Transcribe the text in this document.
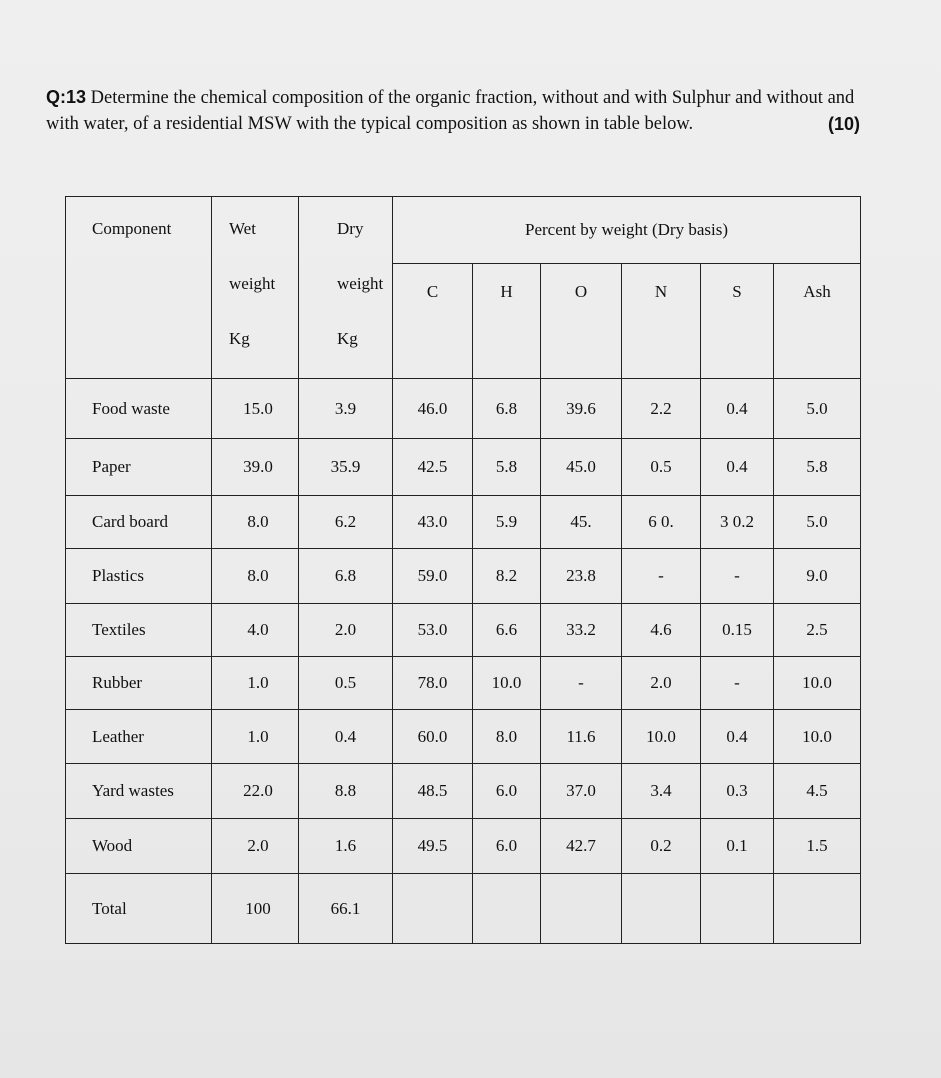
Q:13 Determine the chemical composition of the organic fraction, without and with Sulphur and without and with water, of a residential MSW with the typical composition as shown in table below.	(10)
Component	Wet
weight
Kg	Dry
weight
Kg	Percent by weight (Dry basis)					
			C	H	O	N	S	Ash
Food waste	15.0	3.9	46.0	6.8	39.6	2.2	0.4	5.0
Paper	39.0	35.9	42.5	5.8	45.0	0.5	0.4	5.8
Card board	8.0	6.2	43.0	5.9	45.	6 0.	3 0.2	5.0
Plastics	8.0	6.8	59.0	8.2	23.8	-	-	9.0
Textiles	4.0	2.0	53.0	6.6	33.2	4.6	0.15	2.5
Rubber	1.0	0.5	78.0	10.0	-	2.0	-	10.0
Leather	1.0	0.4	60.0	8.0	11.6	10.0	0.4	10.0
Yard wastes	22.0	8.8	48.5	6.0	37.0	3.4	0.3	4.5
Wood	2.0	1.6	49.5	6.0	42.7	0.2	0.1	1.5
Total	100	66.1						
